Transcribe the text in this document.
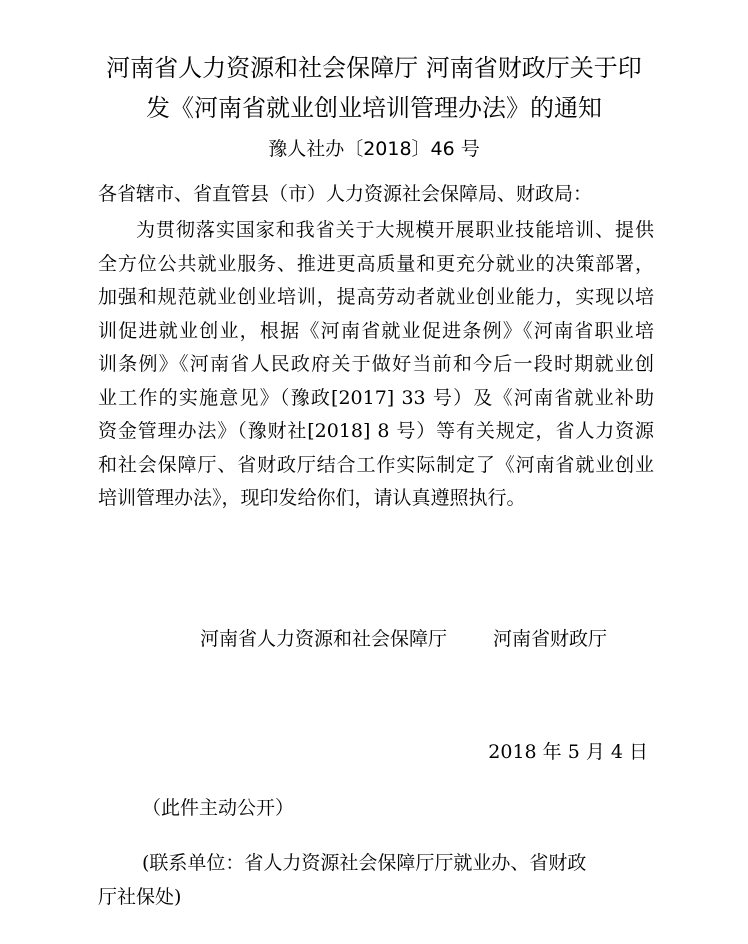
河南省人力资源和社会保障厅 河南省财政厅关于印
发《河南省就业创业培训管理办法》的通知
豫人社办〔2018〕46 号
各省辖市、省直管县（市）人力资源社会保障局、财政局：
为贯彻落实国家和我省关于大规模开展职业技能培训、提供
全方位公共就业服务、推进更高质量和更充分就业的决策部署，
加强和规范就业创业培训，提高劳动者就业创业能力，实现以培
训促进就业创业，根据《河南省就业促进条例》《河南省职业培
训条例》《河南省人民政府关于做好当前和今后一段时期就业创
业工作的实施意见》（豫政[2017] 33 号）及《河南省就业补助
资金管理办法》（豫财社[2018] 8 号）等有关规定，省人力资源
和社会保障厅、省财政厅结合工作实际制定了《河南省就业创业
培训管理办法》，现印发给你们，请认真遵照执行。
河南省人力资源和社会保障厅 河南省财政厅
2018 年 5 月 4 日
（此件主动公开）
(联系单位：省人力资源社会保障厅厅就业办、省财政
厅社保处)
